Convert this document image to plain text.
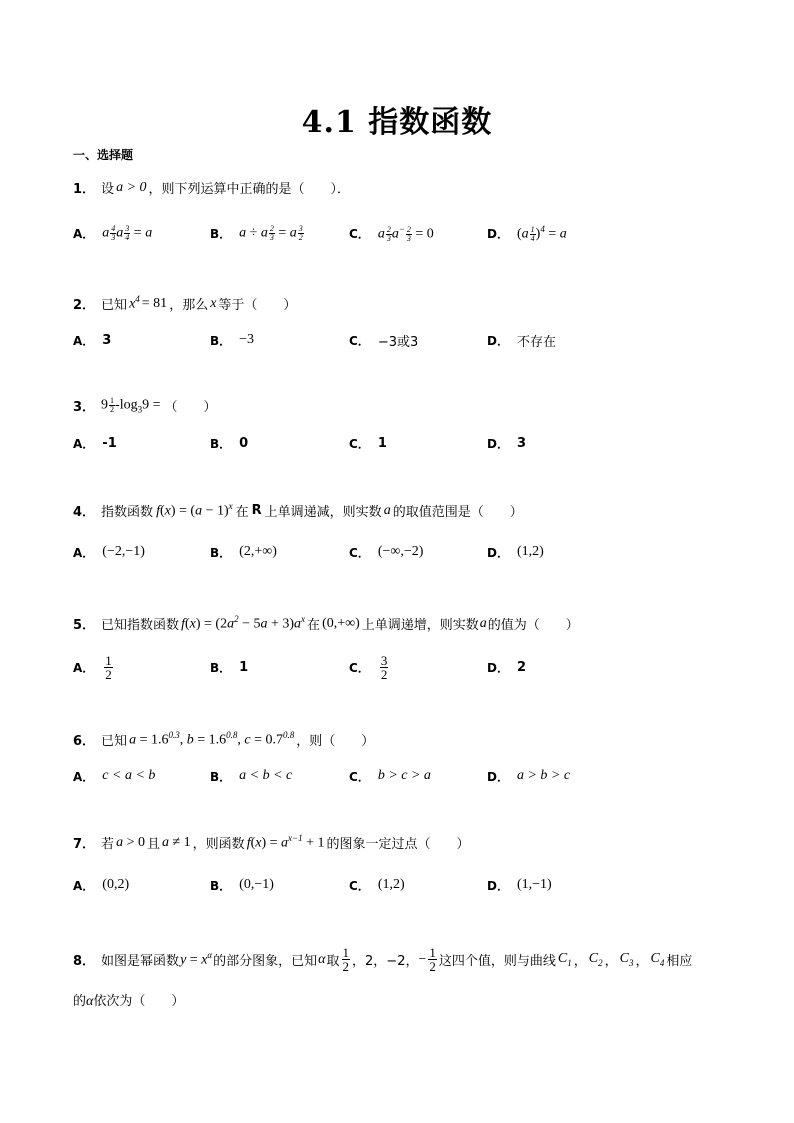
4.1 指数函数
一、选择题
1． 设 a > 0 ，则下列运算中正确的是（　　）．
A． a $\frac{4}{3}$ a $\frac{3}{4} = a$	B． a ÷ a $\frac{2}{3} = a \frac{3}{2}$	C． a $\frac{2}{3} a^- \frac{2}{3} = 0$	D． $(a \frac{1}{4} )^4 = a$
2． 已知 $x^4 = 81$ ，那么 x 等于（　　）
A． 3	B． −3	C． −3或3	D． 不存在
3． $9 \frac{1}{2} -\log_39$ = （　　）
A． -1	B． 0	C． 1	D． 3
4． 指数函数 $f(x) = (a - 1)^x$ 在 R 上单调递减，则实数 a 的取值范围是（　　）
A． (−2,−1)	B． (2,+∞)	C． (−∞,−2)	D． (1,2)
5． 已知指数函数 $f(x) = (2a^2 - 5a + 3)a^x$ 在 (0,+∞) 上单调递增，则实数 a 的值为（　　）
A． $\frac{1}{2}$	B． 1	C． $\frac{3}{2}$	D． 2
6． 已知 $a = 1.6^{0.3}$, $b = 1.6^{0.8}$, $c = 0.7^{0.8}$ ，则（　　）
A． c < a < b	B． a < b < c	C． b > c > a	D． a > b > c
7． 若 a > 0 且 a ≠ 1 ，则函数 $f(x) = a^{x-1} + 1$ 的图象一定过点（　　）
A． (0,2)	B． (0,−1)	C． (1,2)	D． (1,−1)
8． 如图是幂函数 $y = x^\alpha$ 的部分图象，已知 α 取 $\frac{1}{2}$ ，2，−2， − $\frac{1}{2}$ 这四个值，则与曲线 $C_1$ ， $C_2$ ， $C_3$ ， $C_4$ 相应
的α依次为（　　）
